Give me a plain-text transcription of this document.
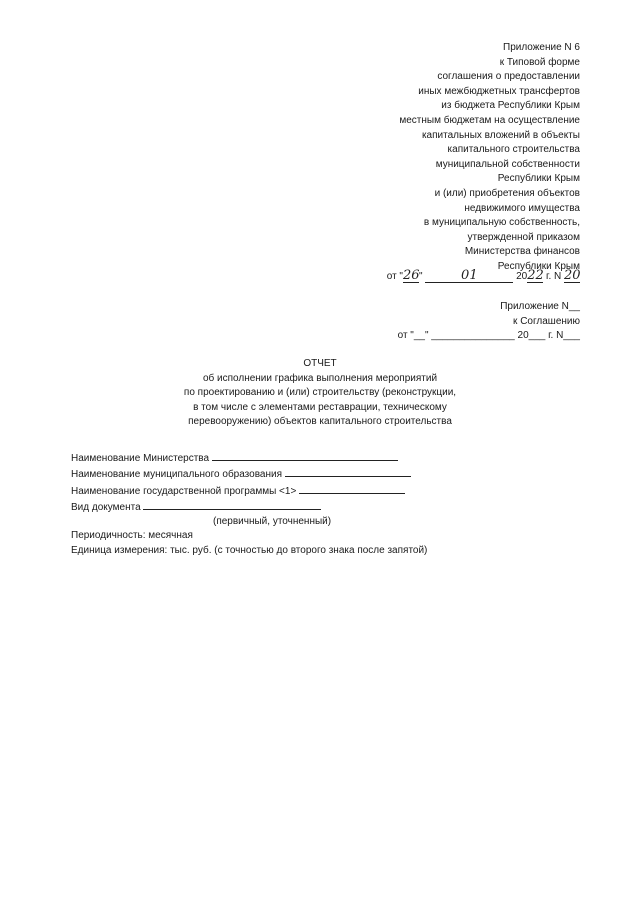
Приложение N 6
к Типовой форме
соглашения о предоставлении
иных межбюджетных трансфертов
из бюджета Республики Крым
местным бюджетам на осуществление
капитальных вложений в объекты
капитального строительства
муниципальной собственности
Республики Крым
и (или) приобретения объектов
недвижимого имущества
в муниципальную собственность,
утвержденной приказом
Министерства финансов
Республики Крым
от "26"	01	2022 г. N 20
Приложение N__
к Соглашению
от "__" _______________ 20___ г. N___
ОТЧЕТ
об исполнении графика выполнения мероприятий
по проектированию и (или) строительству (реконструкции,
в том числе с элементами реставрации, техническому
перевооружению) объектов капитального строительства
Наименование Министерства
Наименование муниципального образования
Наименование государственной программы <1>
Вид документа
(первичный, уточненный)
Периодичность: месячная
Единица измерения: тыс. руб. (с точностью до второго знака после запятой)
